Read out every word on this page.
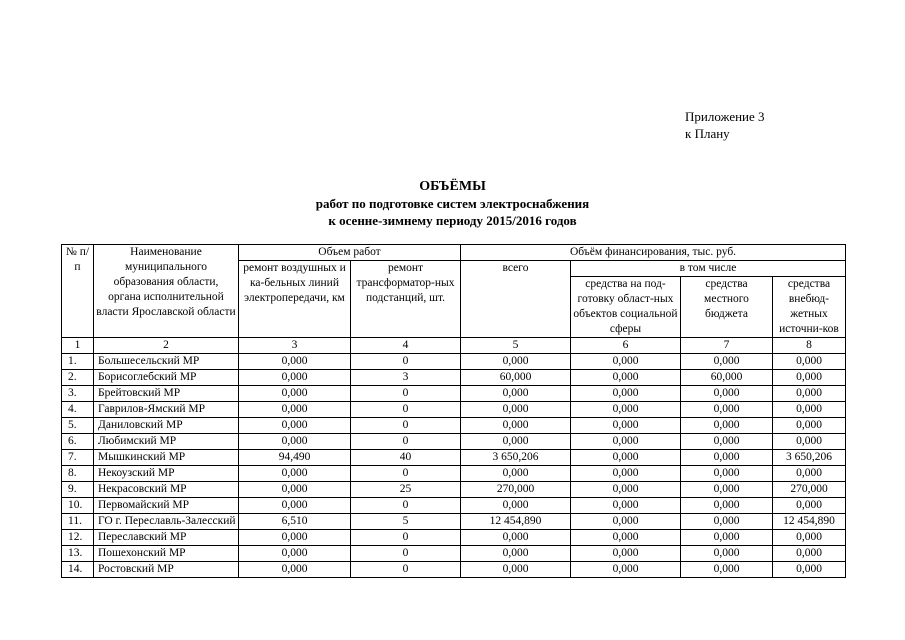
Приложение 3
к Плану
ОБЪЁМЫ
работ по подготовке систем электроснабжения
к осенне-зимнему периоду 2015/2016 годов
№ п/п	Наименование муниципального образования области, органа исполнительной власти Ярославской области	Объем работ		Объём финансирования, тыс. руб.			
		ремонт воздушных и ка-бельных линий электропередачи, км	ремонт трансформатор-ных подстанций, шт.	всего	в том числе		
					средства на под-готовку област-ных объектов социальной сферы	средства местного бюджета	средства внебюд-жетных источни-ков
1	2	3	4	5	6	7	8
1.	Большесельский МР	0,000	0	0,000	0,000	0,000	0,000
2.	Борисоглебский МР	0,000	3	60,000	0,000	60,000	0,000
3.	Брейтовский МР	0,000	0	0,000	0,000	0,000	0,000
4.	Гаврилов-Ямский МР	0,000	0	0,000	0,000	0,000	0,000
5.	Даниловский МР	0,000	0	0,000	0,000	0,000	0,000
6.	Любимский МР	0,000	0	0,000	0,000	0,000	0,000
7.	Мышкинский МР	94,490	40	3 650,206	0,000	0,000	3 650,206
8.	Некоузский МР	0,000	0	0,000	0,000	0,000	0,000
9.	Некрасовский МР	0,000	25	270,000	0,000	0,000	270,000
10.	Первомайский МР	0,000	0	0,000	0,000	0,000	0,000
11.	ГО г. Переславль-Залесский	6,510	5	12 454,890	0,000	0,000	12 454,890
12.	Переславский МР	0,000	0	0,000	0,000	0,000	0,000
13.	Пошехонский МР	0,000	0	0,000	0,000	0,000	0,000
14.	Ростовский МР	0,000	0	0,000	0,000	0,000	0,000
